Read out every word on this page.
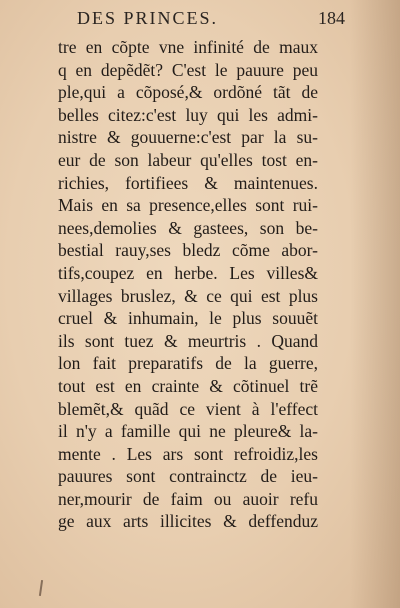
DES PRINCES.	184
tre en cõpte vne infinité de maux
q en depẽdẽt? C'est le pauure peu
ple,qui a cõposé,& ordõné tãt de
belles citez:c'est luy qui les admi-
nistre & gouuerne:c'est par la su-
eur de son labeur qu'elles tost en-
richies, fortifiees & maintenues.
Mais en sa presence,elles sont rui-
nees,demolies & gastees, son be-
bestial rauy,ses bledz cõme abor-
tifs,coupez en herbe. Les villes&
villages bruslez, & ce qui est plus
cruel & inhumain, le plus souuẽt
ils sont tuez & meurtris . Quand
lon fait preparatifs de la guerre,
tout est en crainte & cõtinuel trẽ
blemẽt,& quãd ce vient à l'effect
il n'y a famille qui ne pleure& la-
mente . Les ars sont refroidiz,les
pauures sont contrainctz de ieu-
ner,mourir de faim ou auoir refu
ge aux arts illicites & deffenduz
